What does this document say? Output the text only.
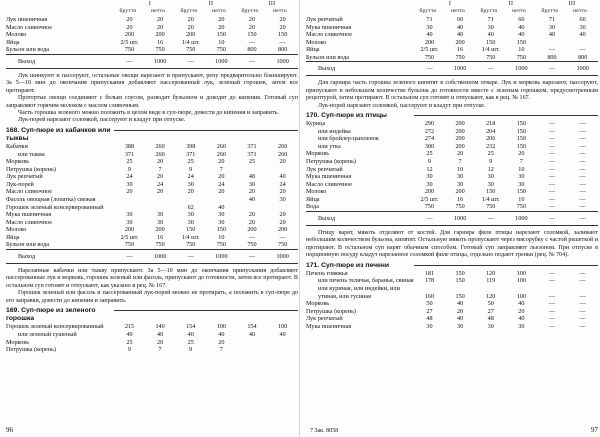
I	II	III
брутто	нетто	брутто	нетто	брутто	нетто
Лук пшеничная	20	20	20	20	20	20
Масло сливочное	20	20	20	20	20	20
Молоко	200	200	200	150	150	150
Яйца	2/5 шт.	16	1/4 шт.	10	—	—
Бульон или вода	750	750	750	750	800	800
Выход	—	1000	—	1000	—	1000

Лук шинкуют и пассеруют, остальные овощи нарезают и припускают, репу предварительно бланшируют. За 5—10 мин до окончания припускания добавляют пассерованный лук, зеленый горошек, затем все протирают.

Протертые овощи соединяют с белым соусом, разводят бульоном и доводят до кипения. Готовый суп заправляют горячим молоком с маслом сливочным.

Часть горошка зеленого можно положить в целом виде в суп-пюре, довести до кипения и заправить.

Лук-порей нарезают соломкой, пассеруют и кладут при отпуске.

168. Суп-пюре из кабачков или тыквы
Кабачки	388	260	398	260	371	260
или тыква	371	260	371	260	371	260
Морковь	25	20	25	20	25	20
Петрушка (корень)	9	7	9	7		
Лук репчатый	24	20	24	20	48	40
Лук-порей	30	24	30	24	30	24
Масло сливочное	20	20	20	20	20	20
Фасоль овощная (лопатка) свежая					40	30
Горошек зеленый консервированный			62	40		
Мука пшеничная	30	30	30	30	20	20
Масло сливочное	30	30	30	30	20	20
Молоко	200	200	150	150	200	200
Яйца	2/5 шт.	16	1/4 шт.	10	—	—
Бульон или вода	750	750	750	750	750	750
Выход	—	1000	—	1000	—	1000

Нарезанные кабачки или тыкву припускают. За 5—10 мин до окончания припускания добавляют пассерованные лук и морковь, горошек зеленый или фасоль, припускают до готовности, затем все протирают. В остальном суп готовят и отпускают, как указано в рец. № 167.

Горошек зеленый или фасоль и пассерованный лук-порей можно не протирать, а положить в суп-пюре до его заправки, довести до кипения и заправить.

169. Суп-пюре из зеленого горошка
Горошек зеленый консервированный	215	140	154	100	154	100
или зеленый сушеный	40	40	40	40	40	40
Морковь	25	20	25	20		
Петрушка (корень)	9	7	9	7		
96
I	II	III
брутто	нетто	брутто	нетто	брутто	нетто
Лук репчатый	71	60	71	60	71	60
Мука пшеничная	30	40	30	40	30	30
Масло сливочное	40	40	40	40	40	40
Молоко	200	200	150	150		
Яйца	2/5 шт.	16	1/4 шт.	10	—	—
Бульон или вода	750	750	750	750	800	800
Выход	—	1000	—	1000	—	1000

Для гарнира часть горошка зеленого кипятят в собственном отваре. Лук и морковь нарезают, пассеруют, припускают в небольшом количестве бульона до готовности вместе с зеленым горошком, предусмотренным рецептурой, затем протирают. В остальном суп готовят и отпускают, как в рец. № 167.

Лук-порей нарезают соломкой, пассеруют и кладут при отпуске.

170. Суп-пюре из птицы
Курица	290	200	218	150	—	—
или индейка	272	200	204	150	—	—
или бройлер-цыпленок	274	200	206	150	—	—
или утка	300	200	232	150	—	—
Морковь	25	20	25	20	—	—
Петрушка (корень)	9	7	9	7	—	—
Лук репчатый	12	10	12	10	—	—
Мука пшеничная	30	30	30	30	—	—
Масло сливочное	30	30	30	30	—	—
Молоко	200	200	150	150	—	—
Яйца	2/5 шт.	16	1/4 шт.	10	—	—
Вода	750	750	750	750	—	—
Выход	—	1000	—	1000	—	—

Птицу варят, мякоть отделяют от костей. Для гарнира филе птицы нарезают соломкой, заливают небольшим количеством бульона, кипятят. Остальную мякоть пропускают через мясорубку с частой решеткой и протирают. В остальном суп варят обычным способом. Готовый суп заправляют льезоном. При отпуске в порционную посуду кладут нарезанное соломкой филе птицы, отдельно подают гренки (рец. № 704).

171. Суп-пюре из печени
Печень говяжья	181	150	120	100	—	—
или печень телячья, баранья, свиная	178	150	119	100	—	—
или куриная, или индейки, или утиная, или гусиная	160	150	120	100	—	—
Морковь	50	40	50	40	—	—
Петрушка (корень)	27	20	27	20	—	—
Лук репчатый	48	40	48	40	—	—
Мука пшеничная	30	30	30	30	—	—
7 Зак. 8058	97
